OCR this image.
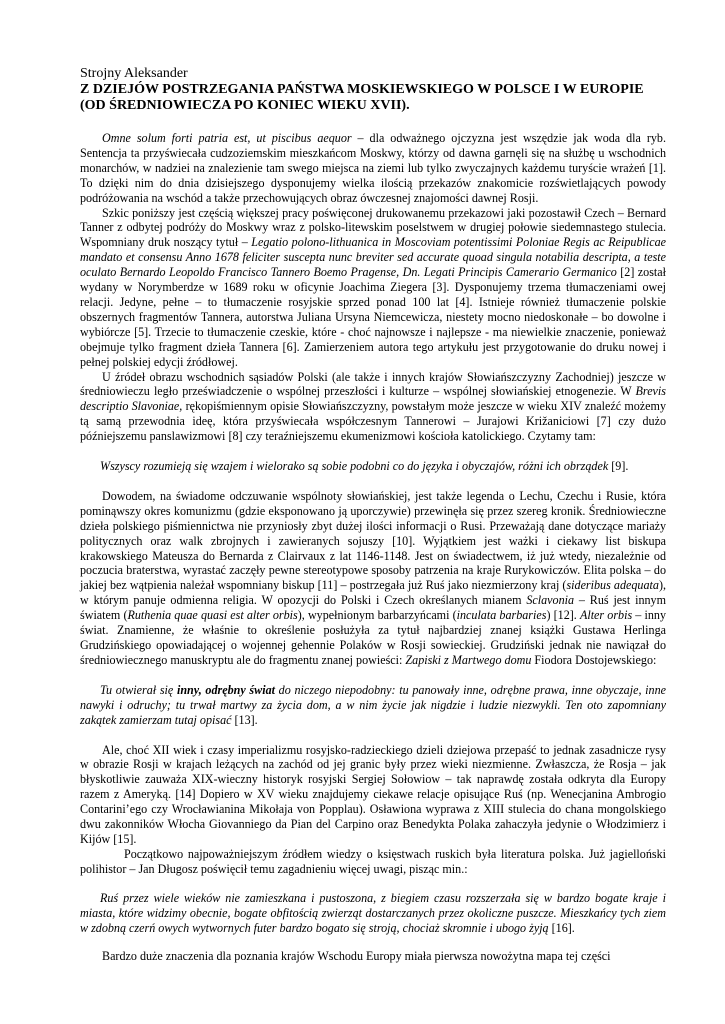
Strojny Aleksander

Z DZIEJÓW POSTRZEGANIA PAŃSTWA MOSKIEWSKIEGO W POLSCE I W EUROPIE (OD ŚREDNIOWIECZA PO KONIEC WIEKU XVII).

Omne solum forti patria est, ut piscibus aequor – dla odważnego ojczyzna jest wszędzie jak woda dla ryb. Sentencja ta przyświecała cudzoziemskim mieszkańcom Moskwy, którzy od dawna garnęli się na służbę u wschodnich monarchów, w nadziei na znalezienie tam swego miejsca na ziemi lub tylko zwyczajnych każdemu turyście wrażeń [1]. To dzięki nim do dnia dzisiejszego dysponujemy wielka ilością przekazów znakomicie rozświetlających powody podróżowania na wschód a także przechowujących obraz ówczesnej znajomości dawnej Rosji.

Szkic poniższy jest częścią większej pracy poświęconej drukowanemu przekazowi jaki pozostawił Czech – Bernard Tanner z odbytej podróży do Moskwy wraz z polsko-litewskim poselstwem w drugiej połowie siedemnastego stulecia. Wspomniany druk noszący tytuł – Legatio polono-lithuanica in Moscoviam potentissimi Poloniae Regis ac Reipublicae mandato et consensu Anno 1678 feliciter suscepta nunc breviter sed accurate quoad singula notabilia descripta, a teste oculato Bernardo Leopoldo Francisco Tannero Boemo Pragense, Dn. Legati Principis Camerario Germanico [2] został wydany w Norymberdze w 1689 roku w oficynie Joachima Ziegera [3]. Dysponujemy trzema tłumaczeniami owej relacji. Jedyne, pełne – to tłumaczenie rosyjskie sprzed ponad 100 lat [4]. Istnieje również tłumaczenie polskie obszernych fragmentów Tannera, autorstwa Juliana Ursyna Niemcewicza, niestety mocno niedoskonałe – bo dowolne i wybiórcze [5]. Trzecie to tłumaczenie czeskie, które - choć najnowsze i najlepsze - ma niewielkie znaczenie, ponieważ obejmuje tylko fragment dzieła Tannera [6]. Zamierzeniem autora tego artykułu jest przygotowanie do druku nowej i pełnej polskiej edycji źródłowej.

U źródeł obrazu wschodnich sąsiadów Polski (ale także i innych krajów Słowiańszczyzny Zachodniej) jeszcze w średniowieczu legło przeświadczenie o wspólnej przeszłości i kulturze – wspólnej słowiańskiej etnogenezie. W Brevis descriptio Slavoniae, rękopiśmiennym opisie Słowiańszczyzny, powstałym może jeszcze w wieku XIV znaleźć możemy tą samą przewodnia ideę, która przyświecała współczesnym Tannerowi – Jurajowi Križaniciowi [7] czy dużo późniejszemu panslawizmowi [8] czy teraźniejszemu ekumenizmowi kościoła katolickiego. Czytamy tam:

Wszyscy rozumieją się wzajem i wielorako są sobie podobni co do języka i obyczajów, różni ich obrządek [9].

Dowodem, na świadome odczuwanie wspólnoty słowiańskiej, jest także legenda o Lechu, Czechu i Rusie, która pominąwszy okres komunizmu (gdzie eksponowano ją uporczywie) przewinęła się przez szereg kronik. Średniowieczne dzieła polskiego piśmiennictwa nie przyniosły zbyt dużej ilości informacji o Rusi. Przeważają dane dotyczące mariaży politycznych oraz walk zbrojnych i zawieranych sojuszy [10]. Wyjątkiem jest ważki i ciekawy list biskupa krakowskiego Mateusza do Bernarda z Clairvaux z lat 1146-1148. Jest on świadectwem, iż już wtedy, niezależnie od poczucia braterstwa, wyrastać zaczęły pewne stereotypowe sposoby patrzenia na kraje Rurykowiczów. Elita polska – do jakiej bez wątpienia należał wspomniany biskup [11] – postrzegała już Ruś jako niezmierzony kraj (sideribus adequata), w którym panuje odmienna religia. W opozycji do Polski i Czech określanych mianem Sclavonia – Ruś jest innym światem (Ruthenia quae quasi est alter orbis), wypełnionym barbarzyńcami (inculata barbaries) [12]. Alter orbis – inny świat. Znamienne, że właśnie to określenie posłużyła za tytuł najbardziej znanej książki Gustawa Herlinga Grudzińskiego opowiadającej o wojennej gehennie Polaków w Rosji sowieckiej. Grudziński jednak nie nawiązał do średniowiecznego manuskryptu ale do fragmentu znanej powieści: Zapiski z Martwego domu Fiodora Dostojewskiego:

Tu otwierał się inny, odrębny świat do niczego niepodobny: tu panowały inne, odrębne prawa, inne obyczaje, inne nawyki i odruchy; tu trwał martwy za życia dom, a w nim życie jak nigdzie i ludzie niezwykli. Ten oto zapomniany zakątek zamierzam tutaj opisać [13].

Ale, choć XII wiek i czasy imperializmu rosyjsko-radzieckiego dzieli dziejowa przepaść to jednak zasadnicze rysy w obrazie Rosji w krajach leżących na zachód od jej granic były przez wieki niezmienne. Zwłaszcza, że Rosja – jak błyskotliwie zauważa XIX-wieczny historyk rosyjski Sergiej Sołowiow – tak naprawdę została odkryta dla Europy razem z Ameryką. [14] Dopiero w XV wieku znajdujemy ciekawe relacje opisujące Ruś (np. Wenecjanina Ambrogio Contarini’ego czy Wrocławianina Mikołaja von Popplau). Osławiona wyprawa z XIII stulecia do chana mongolskiego dwu zakonników Włocha Giovanniego da Pian del Carpino oraz Benedykta Polaka zahaczyła jedynie o Włodzimierz i Kijów [15].

Początkowo najpoważniejszym źródłem wiedzy o księstwach ruskich była literatura polska. Już jagielloński polihistor – Jan Długosz poświęcił temu zagadnieniu więcej uwagi, pisząc min.:

Ruś przez wiele wieków nie zamieszkana i pustoszona, z biegiem czasu rozszerzała się w bardzo bogate kraje i miasta, które widzimy obecnie, bogate obfitością zwierząt dostarczanych przez okoliczne puszcze. Mieszkańcy tych ziem w zdobną czerń owych wytwornych futer bardzo bogato się stroją, chociaż skromnie i ubogo żyją [16].

Bardzo duże znaczenia dla poznania krajów Wschodu Europy miała pierwsza nowożytna mapa tej części
